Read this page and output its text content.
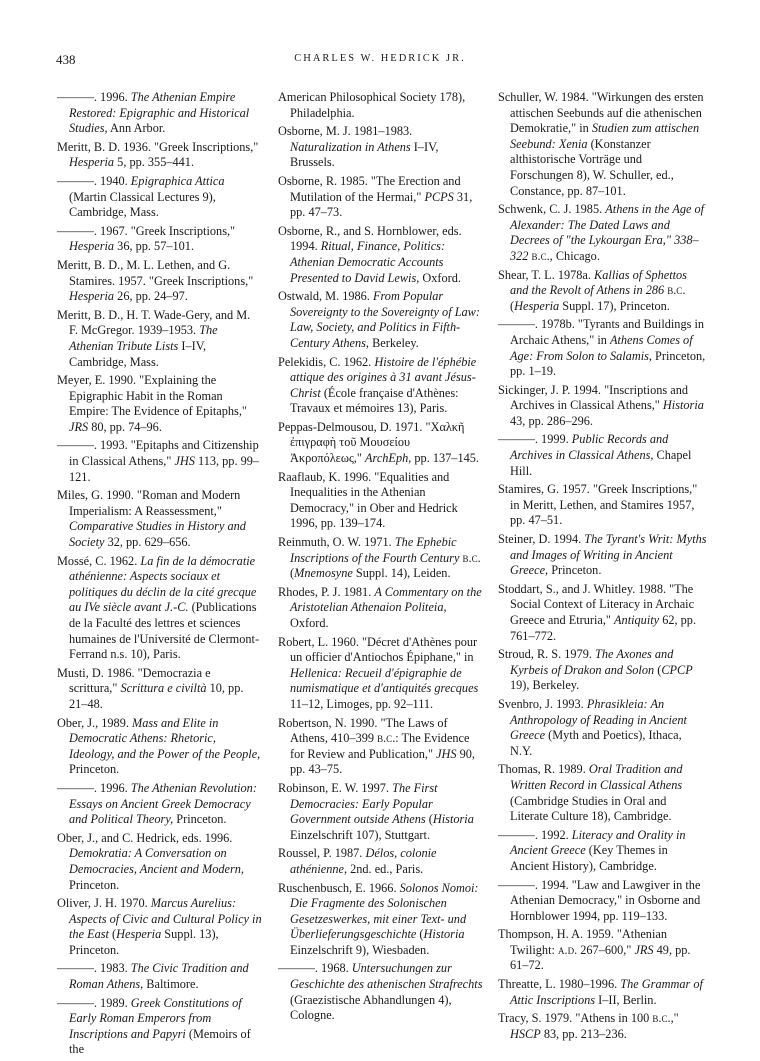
438	CHARLES W. HEDRICK JR.

———. 1996. The Athenian Empire Restored: Epigraphic and Historical Studies, Ann Arbor.

Meritt, B. D. 1936. "Greek Inscriptions," Hesperia 5, pp. 355–441.

———. 1940. Epigraphica Attica (Martin Classical Lectures 9), Cambridge, Mass.

———. 1967. "Greek Inscriptions," Hesperia 36, pp. 57–101.

Meritt, B. D., M. L. Lethen, and G. Stamires. 1957. "Greek Inscriptions," Hesperia 26, pp. 24–97.

Meritt, B. D., H. T. Wade-Gery, and M. F. McGregor. 1939–1953. The Athenian Tribute Lists I–IV, Cambridge, Mass.

Meyer, E. 1990. "Explaining the Epigraphic Habit in the Roman Empire: The Evidence of Epitaphs," JRS 80, pp. 74–96.

———. 1993. "Epitaphs and Citizenship in Classical Athens," JHS 113, pp. 99–121.

Miles, G. 1990. "Roman and Modern Imperialism: A Reassessment," Comparative Studies in History and Society 32, pp. 629–656.

Mossé, C. 1962. La fin de la démocratie athénienne: Aspects sociaux et politiques du déclin de la cité grecque au IVe siècle avant J.-C. (Publications de la Faculté des lettres et sciences humaines de l'Université de Clermont-Ferrand n.s. 10), Paris.

Musti, D. 1986. "Democrazia e scrittura," Scrittura e civiltà 10, pp. 21–48.

Ober, J., 1989. Mass and Elite in Democratic Athens: Rhetoric, Ideology, and the Power of the People, Princeton.

———. 1996. The Athenian Revolution: Essays on Ancient Greek Democracy and Political Theory, Princeton.

Ober, J., and C. Hedrick, eds. 1996. Demokratia: A Conversation on Democracies, Ancient and Modern, Princeton.

Oliver, J. H. 1970. Marcus Aurelius: Aspects of Civic and Cultural Policy in the East (Hesperia Suppl. 13), Princeton.

———. 1983. The Civic Tradition and Roman Athens, Baltimore.

———. 1989. Greek Constitutions of Early Roman Emperors from Inscriptions and Papyri (Memoirs of the

American Philosophical Society 178), Philadelphia.

Osborne, M. J. 1981–1983. Naturalization in Athens I–IV, Brussels.

Osborne, R. 1985. "The Erection and Mutilation of the Hermai," PCPS 31, pp. 47–73.

Osborne, R., and S. Hornblower, eds. 1994. Ritual, Finance, Politics: Athenian Democratic Accounts Presented to David Lewis, Oxford.

Ostwald, M. 1986. From Popular Sovereignty to the Sovereignty of Law: Law, Society, and Politics in Fifth-Century Athens, Berkeley.

Pelekidis, C. 1962. Histoire de l'éphébie attique des origines à 31 avant Jésus-Christ (École française d'Athènes: Travaux et mémoires 13), Paris.

Peppas-Delmousou, D. 1971. "Χαλκῆ ἐπιγραφὴ τοῦ Μουσείου Ἀκροπόλεως," ArchEph, pp. 137–145.

Raaflaub, K. 1996. "Equalities and Inequalities in the Athenian Democracy," in Ober and Hedrick 1996, pp. 139–174.

Reinmuth, O. W. 1971. The Ephebic Inscriptions of the Fourth Century b.c. (Mnemosyne Suppl. 14), Leiden.

Rhodes, P. J. 1981. A Commentary on the Aristotelian Athenaion Politeia, Oxford.

Robert, L. 1960. "Décret d'Athènes pour un officier d'Antiochos Épiphane," in Hellenica: Recueil d'épigraphie de numismatique et d'antiquités grecques 11–12, Limoges, pp. 92–111.

Robertson, N. 1990. "The Laws of Athens, 410–399 b.c.: The Evidence for Review and Publication," JHS 90, pp. 43–75.

Robinson, E. W. 1997. The First Democracies: Early Popular Government outside Athens (Historia Einzelschrift 107), Stuttgart.

Roussel, P. 1987. Délos, colonie athénienne, 2nd. ed., Paris.

Ruschenbusch, E. 1966. Solonos Nomoi: Die Fragmente des Solonischen Gesetzeswerkes, mit einer Text- und Überlieferungsgeschichte (Historia Einzelschrift 9), Wiesbaden.

———. 1968. Untersuchungen zur Geschichte des athenischen Strafrechts (Graezistische Abhandlungen 4), Cologne.

Schuller, W. 1984. "Wirkungen des ersten attischen Seebunds auf die athenischen Demokratie," in Studien zum attischen Seebund: Xenia (Konstanzer althistorische Vorträge und Forschungen 8), W. Schuller, ed., Constance, pp. 87–101.

Schwenk, C. J. 1985. Athens in the Age of Alexander: The Dated Laws and Decrees of "the Lykourgan Era," 338–322 b.c., Chicago.

Shear, T. L. 1978a. Kallias of Sphettos and the Revolt of Athens in 286 b.c. (Hesperia Suppl. 17), Princeton.

———. 1978b. "Tyrants and Buildings in Archaic Athens," in Athens Comes of Age: From Solon to Salamis, Princeton, pp. 1–19.

Sickinger, J. P. 1994. "Inscriptions and Archives in Classical Athens," Historia 43, pp. 286–296.

———. 1999. Public Records and Archives in Classical Athens, Chapel Hill.

Stamires, G. 1957. "Greek Inscriptions," in Meritt, Lethen, and Stamires 1957, pp. 47–51.

Steiner, D. 1994. The Tyrant's Writ: Myths and Images of Writing in Ancient Greece, Princeton.

Stoddart, S., and J. Whitley. 1988. "The Social Context of Literacy in Archaic Greece and Etruria," Antiquity 62, pp. 761–772.

Stroud, R. S. 1979. The Axones and Kyrbeis of Drakon and Solon (CPCP 19), Berkeley.

Svenbro, J. 1993. Phrasikleia: An Anthropology of Reading in Ancient Greece (Myth and Poetics), Ithaca, N.Y.

Thomas, R. 1989. Oral Tradition and Written Record in Classical Athens (Cambridge Studies in Oral and Literate Culture 18), Cambridge.

———. 1992. Literacy and Orality in Ancient Greece (Key Themes in Ancient History), Cambridge.

———. 1994. "Law and Lawgiver in the Athenian Democracy," in Osborne and Hornblower 1994, pp. 119–133.

Thompson, H. A. 1959. "Athenian Twilight: a.d. 267–600," JRS 49, pp. 61–72.

Threatte, L. 1980–1996. The Grammar of Attic Inscriptions I–II, Berlin.

Tracy, S. 1979. "Athens in 100 b.c.," HSCP 83, pp. 213–236.
